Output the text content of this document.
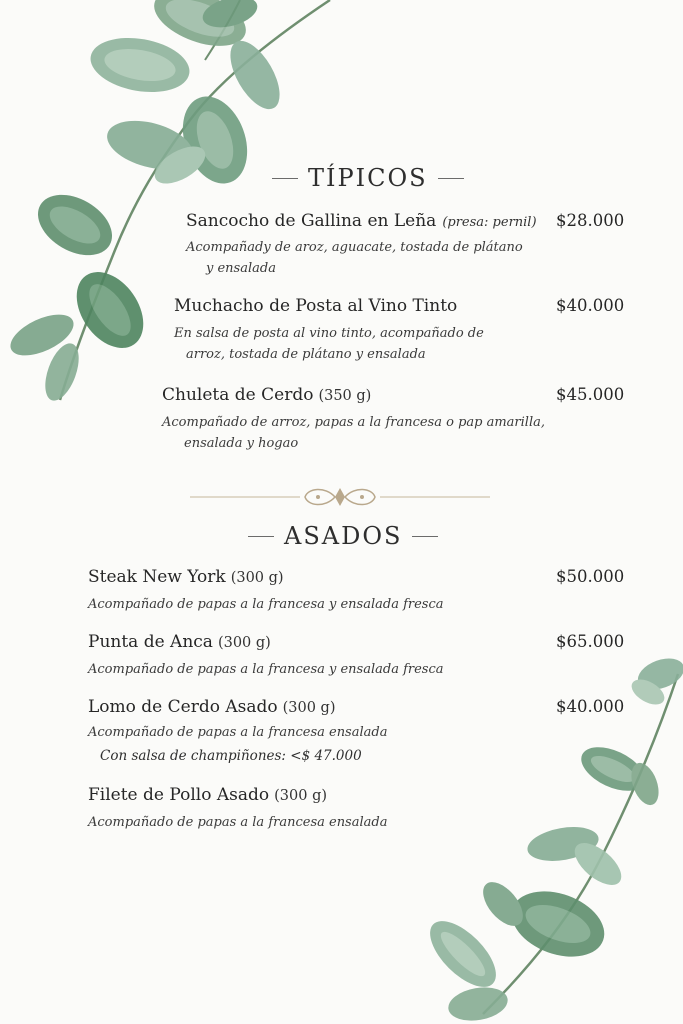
TÍPICOS
Sancocho de Gallina en Leña (presa: pernil) $28.000
Acompañady de aroz, aguacate, tostada de plátano
y ensalada
Muchacho de Posta al Vino Tinto	$40.000
En salsa de posta al vino tinto, acompañado de
arroz, tostada de plátano y ensalada
Chuleta de Cerdo (350 g)	$45.000
Acompañado de arroz, papas a la francesa o pap amarilla,
ensalada y hogao
ASADOS
Steak New York (300 g)	$50.000
Acompañado de papas a la francesa y ensalada fresca
Punta de Anca (300 g)	$65.000
Acompañado de papas a la francesa y ensalada fresca
Lomo de Cerdo Asado (300 g)	$40.000
Acompañado de papas a la francesa ensalada
Con salsa de champiñones: <$ 47.000
Filete de Pollo Asado (300 g)
Acompañado de papas a la francesa ensalada
